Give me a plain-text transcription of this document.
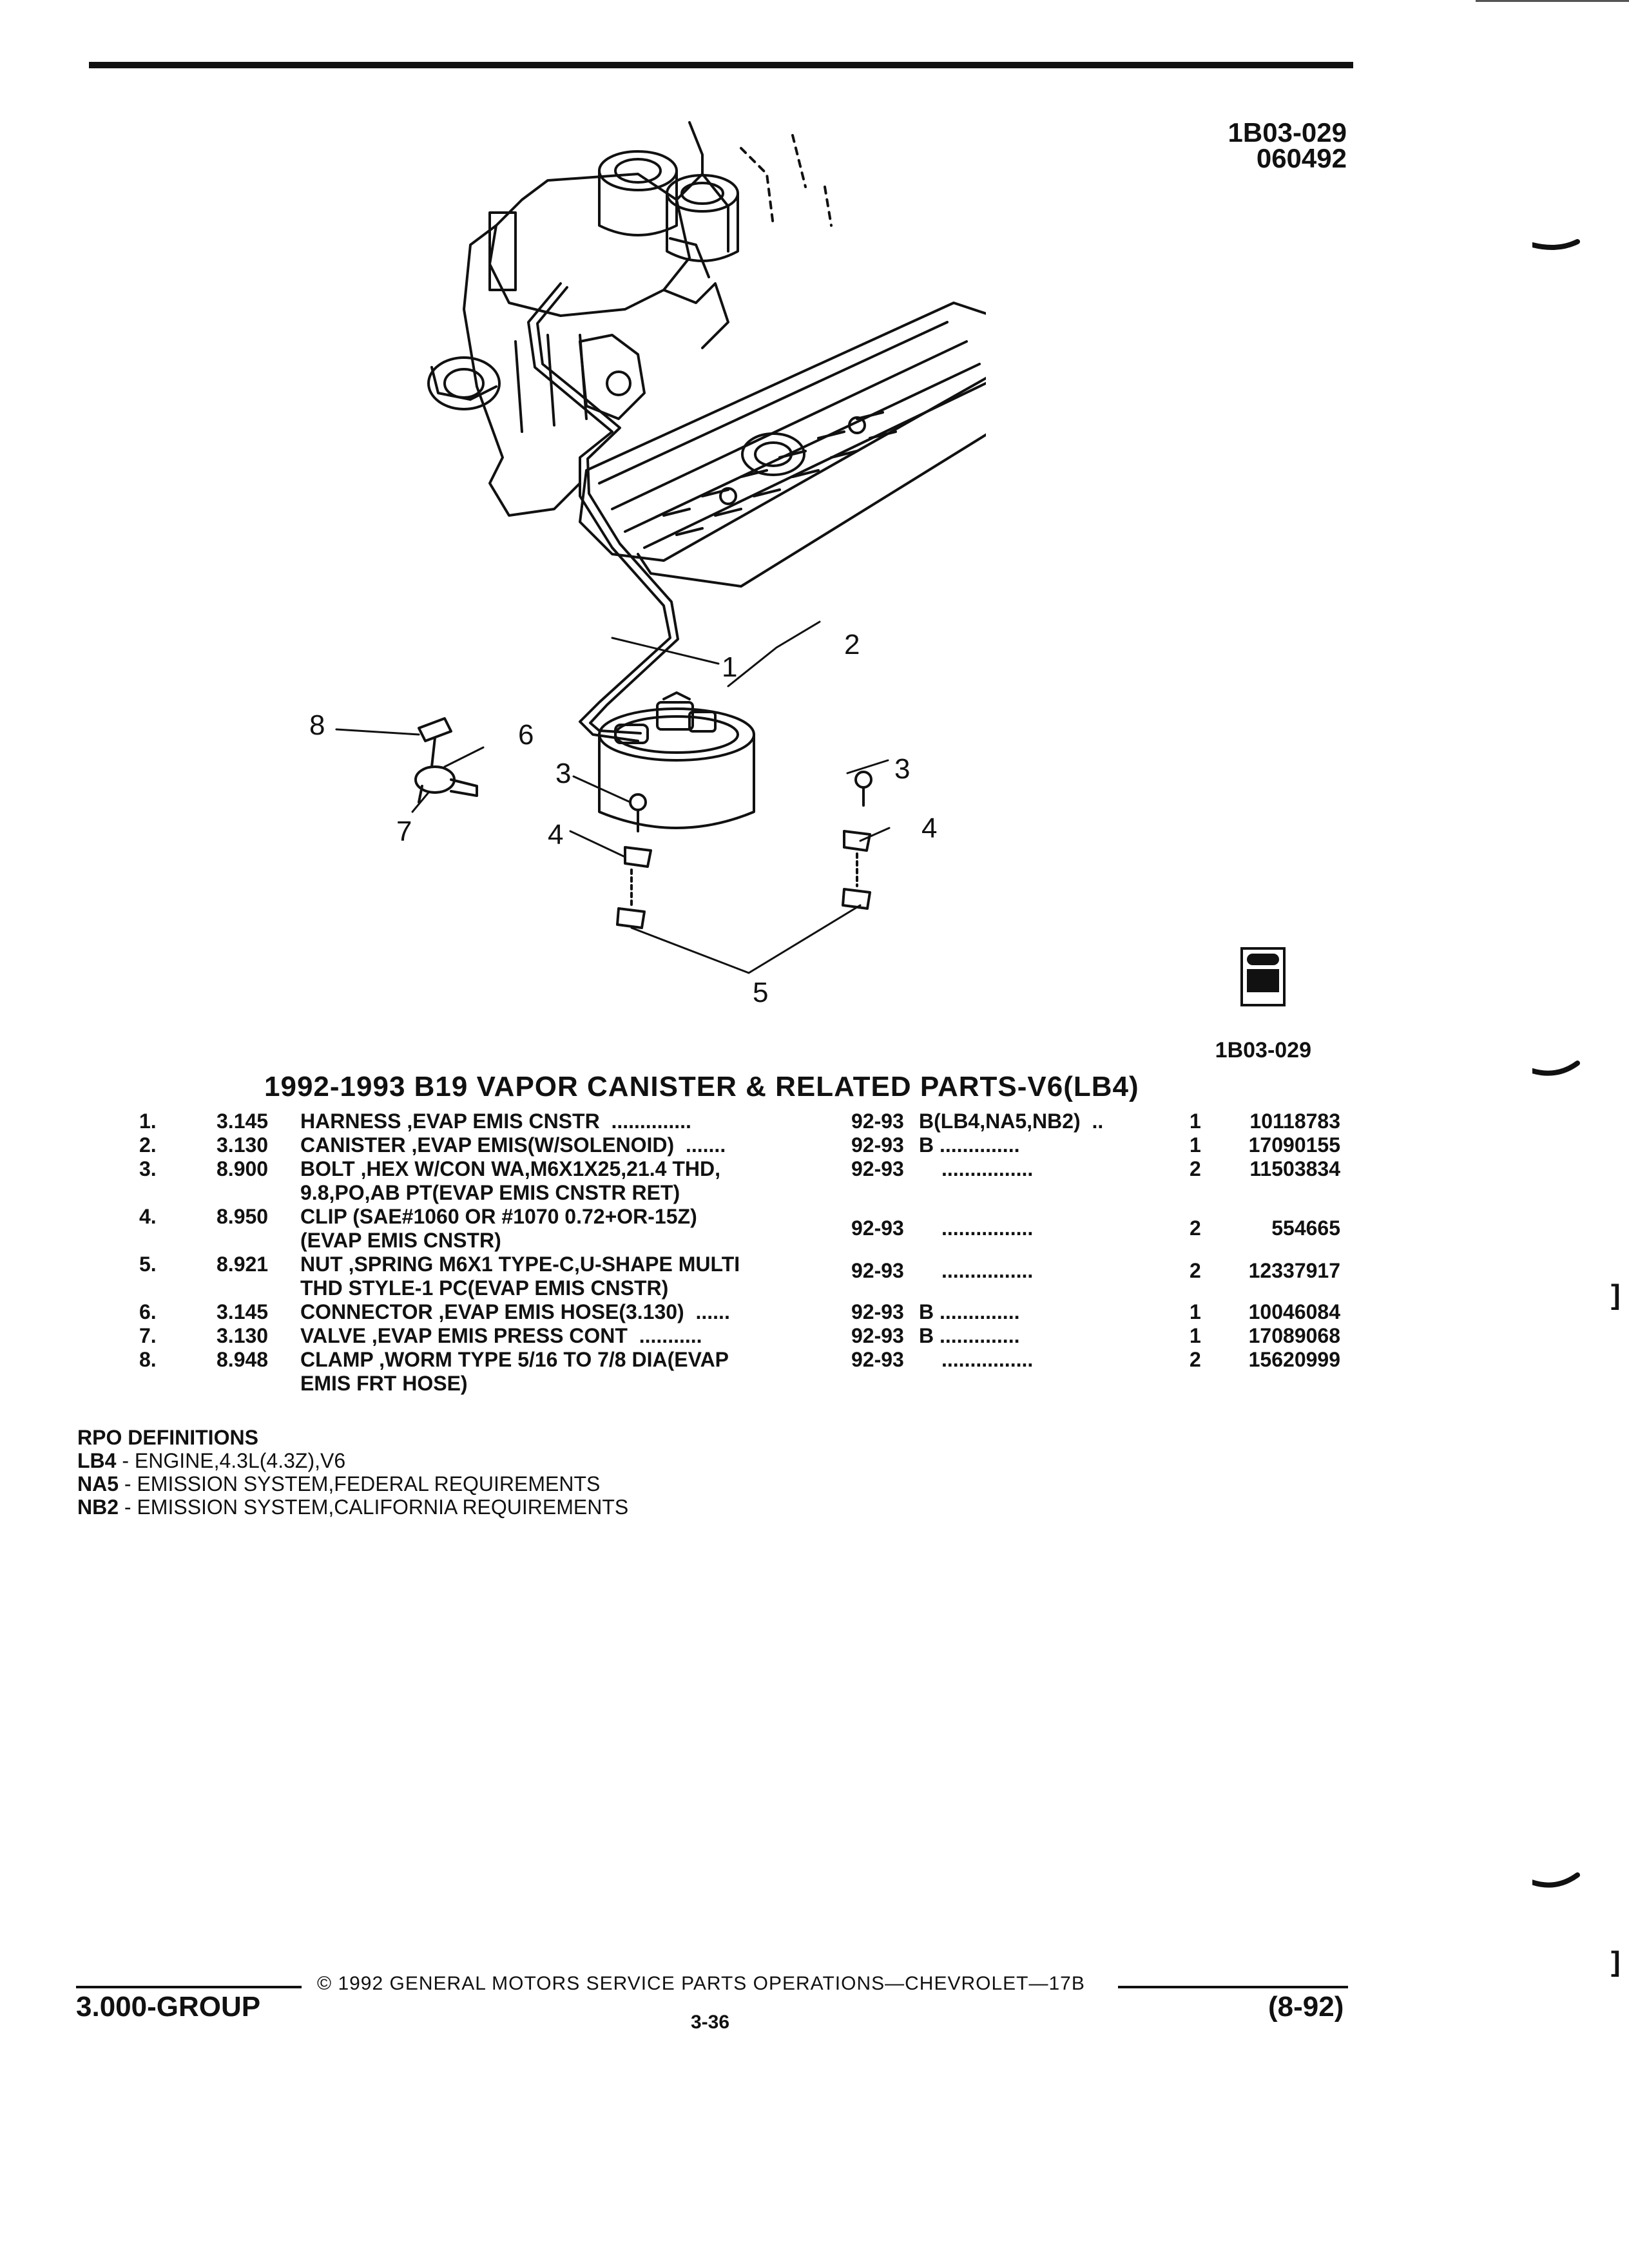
1B03-029
060492
1
2
3	3
4	4
5
6
7
8
1B03-029
1992-1993 B19 VAPOR CANISTER & RELATED PARTS-V6(LB4)
1.	3.145 HARNESS ,EVAP EMIS CNSTR  ..............	92-93 B(LB4,NA5,NB2)  ..	1 10118783
2.	3.130 CANISTER ,EVAP EMIS(W/SOLENOID)  .......	92-93 B ..............	1 17090155
3.	8.900 BOLT ,HEX W/CON WA,M6X1X25,21.4 THD,
9.8,PO,AB PT(EVAP EMIS CNSTR RET)
92-93 ................	2 11503834
4.	8.950 CLIP (SAE#1060 OR #1070 0.72+OR-15Z)
(EVAP EMIS CNSTR)
92-93 ................	2	554665
5.	8.921 NUT ,SPRING M6X1 TYPE-C,U-SHAPE MULTI
THD STYLE-1 PC(EVAP EMIS CNSTR)
92-93 ................	2 12337917
6.	3.145 CONNECTOR ,EVAP EMIS HOSE(3.130)  ......	92-93 B ..............	1 10046084
7.	3.130 VALVE ,EVAP EMIS PRESS CONT  ...........	92-93 B ..............	1 17089068
8.	8.948 CLAMP ,WORM TYPE 5/16 TO 7/8 DIA(EVAP
EMIS FRT HOSE)
92-93 ................	2 15620999
RPO DEFINITIONS
LB4 - ENGINE,4.3L(4.3Z),V6
NA5 - EMISSION SYSTEM,FEDERAL REQUIREMENTS
NB2 - EMISSION SYSTEM,CALIFORNIA REQUIREMENTS
]
]
© 1992 GENERAL MOTORS SERVICE PARTS OPERATIONS—CHEVROLET—17B
3.000-GROUP	3-36	(8-92)
